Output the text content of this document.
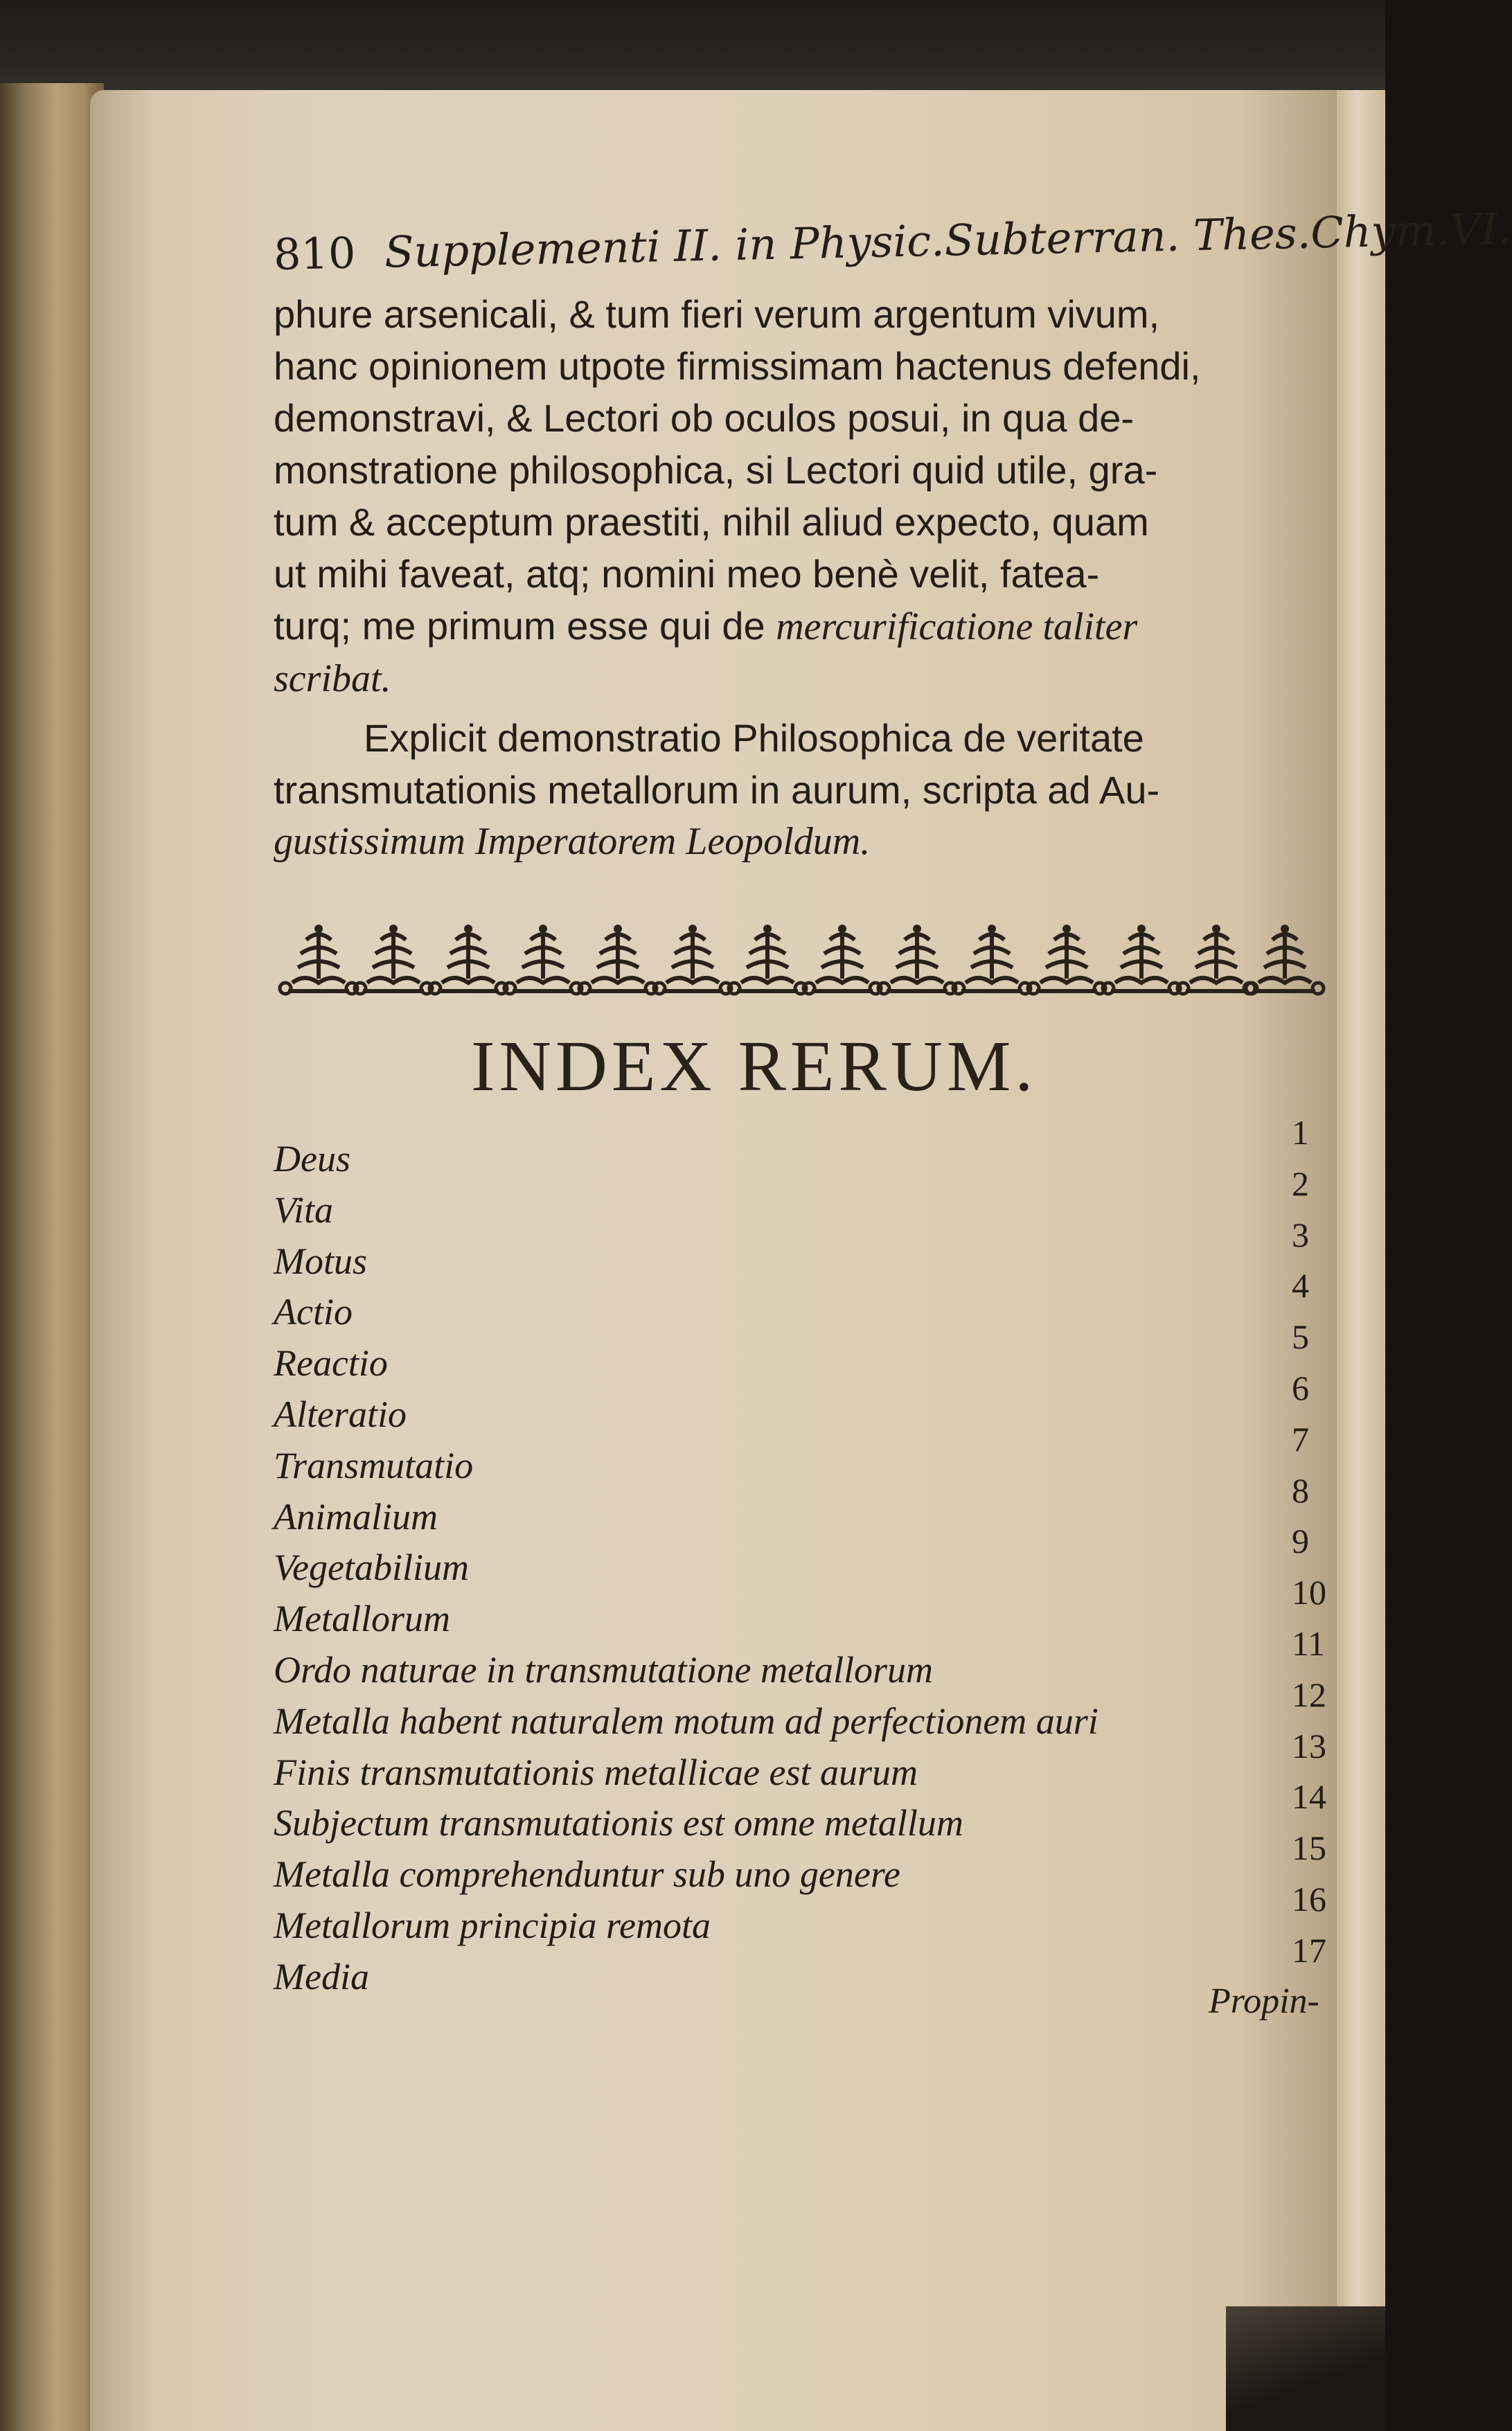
810 Supplementi II. in Physic.Subterran. Thes.Chym.VI.
phure arsenicali, & tum fieri verum argentum vivum,
hanc opinionem utpote firmissimam hactenus defendi,
demonstravi, & Lectori ob oculos posui, in qua de-
monstratione philosophica, si Lectori quid utile, gra-
tum & acceptum praestiti, nihil aliud expecto, quam
ut mihi faveat, atq; nomini meo benè velit, fatea-
turq; me primum esse qui de mercurificatione taliter
scribat.
Explicit demonstratio Philosophica de veritate
transmutationis metallorum in aurum, scripta ad Au-
gustissimum Imperatorem Leopoldum.
INDEX RERUM.
Deus
1
Vita
2
Motus
3
Actio
4
Reactio
5
Alteratio
6
Transmutatio
7
Animalium
8
Vegetabilium
9
Metallorum
10
Ordo naturae in transmutatione metallorum
11
Metalla habent naturalem motum ad perfectionem auri
12
Finis transmutationis metallicae est aurum
13
Subjectum transmutationis est omne metallum
14
Metalla comprehenduntur sub uno genere
15
Metallorum principia remota
16
Media
17
Propin-
